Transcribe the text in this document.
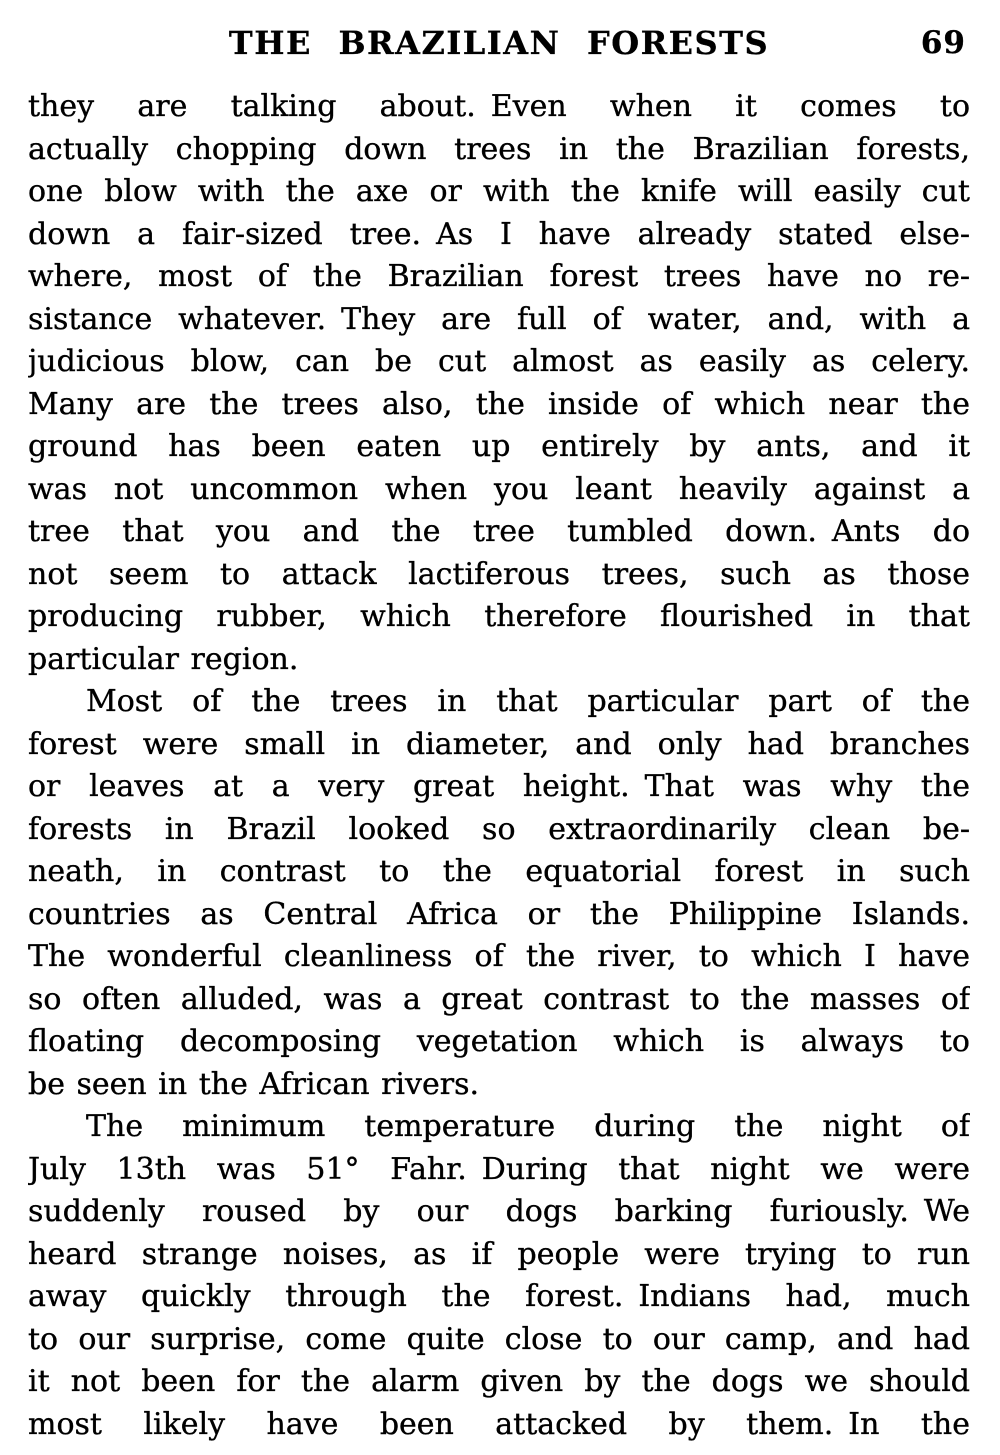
THE BRAZILIAN FORESTS	69
they are talking about. Even when it comes to
actually chopping down trees in the Brazilian forests,
one blow with the axe or with the knife will easily cut
down a fair-sized tree. As I have already stated else-
where, most of the Brazilian forest trees have no re-
sistance whatever. They are full of water, and, with a
judicious blow, can be cut almost as easily as celery.
Many are the trees also, the inside of which near the
ground has been eaten up entirely by ants, and it
was not uncommon when you leant heavily against a
tree that you and the tree tumbled down. Ants do
not seem to attack lactiferous trees, such as those
producing rubber, which therefore flourished in that
particular region.
Most of the trees in that particular part of the
forest were small in diameter, and only had branches
or leaves at a very great height. That was why the
forests in Brazil looked so extraordinarily clean be-
neath, in contrast to the equatorial forest in such
countries as Central Africa or the Philippine Islands.
The wonderful cleanliness of the river, to which I have
so often alluded, was a great contrast to the masses of
floating decomposing vegetation which is always to
be seen in the African rivers.
The minimum temperature during the night of
July 13th was 51° Fahr. During that night we were
suddenly roused by our dogs barking furiously. We
heard strange noises, as if people were trying to run
away quickly through the forest. Indians had, much
to our surprise, come quite close to our camp, and had
it not been for the alarm given by the dogs we should
most likely have been attacked by them. In the
